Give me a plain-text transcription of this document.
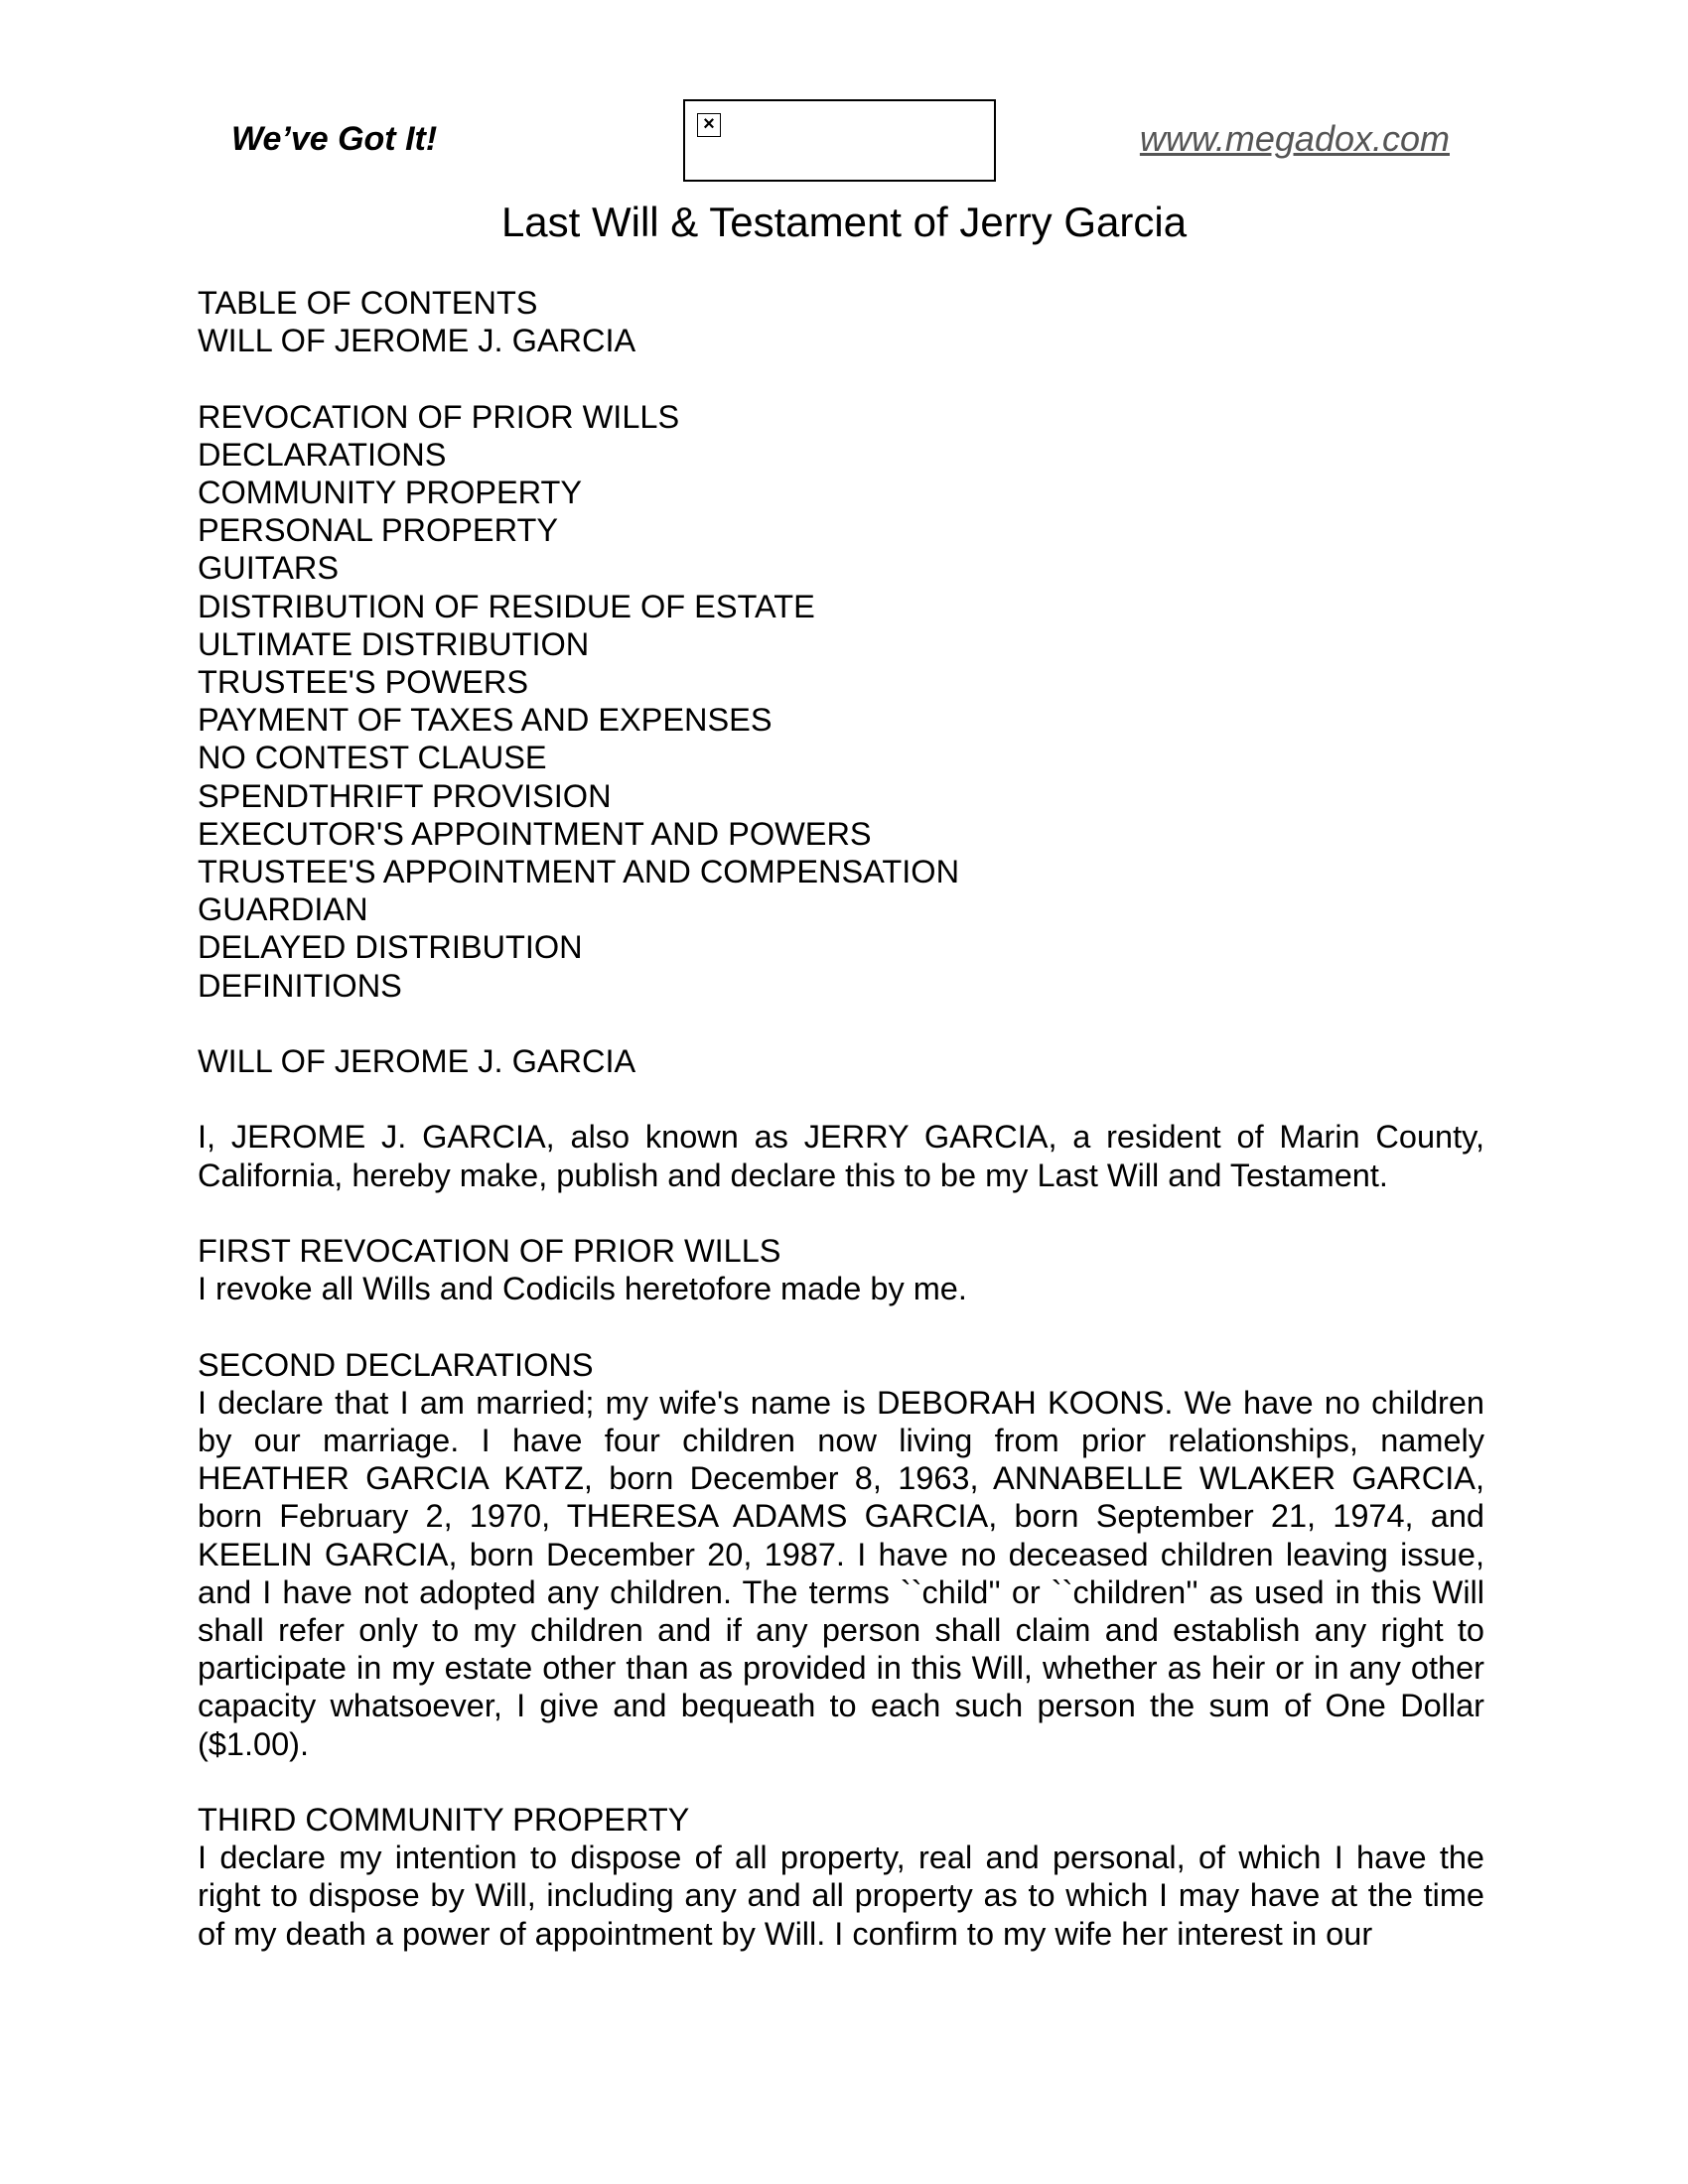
We’ve Got It!	×	www.megadox.com
Last Will & Testament of Jerry Garcia
TABLE OF CONTENTS
WILL OF JEROME J. GARCIA
REVOCATION OF PRIOR WILLS
DECLARATIONS
COMMUNITY PROPERTY
PERSONAL PROPERTY
GUITARS
DISTRIBUTION OF RESIDUE OF ESTATE
ULTIMATE DISTRIBUTION
TRUSTEE'S POWERS
PAYMENT OF TAXES AND EXPENSES
NO CONTEST CLAUSE
SPENDTHRIFT PROVISION
EXECUTOR'S APPOINTMENT AND POWERS
TRUSTEE'S APPOINTMENT AND COMPENSATION
GUARDIAN
DELAYED DISTRIBUTION
DEFINITIONS
WILL OF JEROME J. GARCIA

I, JEROME J. GARCIA, also known as JERRY GARCIA, a resident of Marin County, California, hereby make, publish and declare this to be my Last Will and Testament.

FIRST REVOCATION OF PRIOR WILLS

I revoke all Wills and Codicils heretofore made by me.

SECOND DECLARATIONS

I declare that I am married; my wife's name is DEBORAH KOONS. We have no children by our marriage. I have four children now living from prior relationships, namely HEATHER GARCIA KATZ, born December 8, 1963, ANNABELLE WLAKER GARCIA, born February 2, 1970, THERESA ADAMS GARCIA, born September 21, 1974, and KEELIN GARCIA, born December 20, 1987. I have no deceased children leaving issue, and I have not adopted any children. The terms ``child'' or ``children'' as used in this Will shall refer only to my children and if any person shall claim and establish any right to participate in my estate other than as provided in this Will, whether as heir or in any other capacity whatsoever, I give and bequeath to each such person the sum of One Dollar ($1.00).

THIRD COMMUNITY PROPERTY

I declare my intention to dispose of all property, real and personal, of which I have the right to dispose by Will, including any and all property as to which I may have at the time of my death a power of appointment by Will. I confirm to my wife her interest in our
